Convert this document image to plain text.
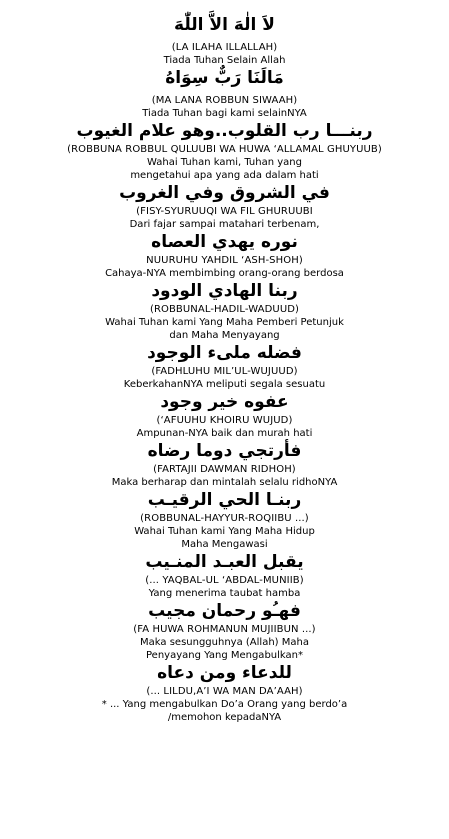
لاَ الٰهَ الاَّ اللّٰهَ
(LA ILAHA ILLALLAH)
Tiada Tuhan Selain Allah
مَالَنَا رَبٌّ سِوَاهُ
(MA LANA ROBBUN SIWAAH)
Tiada Tuhan bagi kami selainNYA
ربنـــا رب القلوب..وهو علام الغيوب
(ROBBUNA ROBBUL QULUUBI WA HUWA ‘ALLAMAL GHUYUUB)
Wahai Tuhan kami, Tuhan yang
mengetahui apa yang ada dalam hati
في الشروق وفي الغروب
(FISY-SYURUUQI WA FIL GHURUUBI
Dari fajar sampai matahari terbenam,
نوره يهدي العصاه
NUURUHU YAHDIL ‘ASH-SHOH)
Cahaya-NYA membimbing orang-orang berdosa
ربنا الهادي الودود
(ROBBUNAL-HADIL-WADUUD)
Wahai Tuhan kami Yang Maha Pemberi Petunjuk
dan Maha Menyayang
فضله ملىء الوجود
(FADHLUHU MIL’UL-WUJUUD)
KeberkahanNYA meliputi segala sesuatu
عفوه خير وجود
(‘AFUUHU KHOIRU WUJUD)
Ampunan-NYA baik dan murah hati
فأرتجي دوما رضاه
(FARTAJII DAWMAN RIDHOH)
Maka berharap dan mintalah selalu ridhoNYA
ربنـا الحي الرقيـب
(ROBBUNAL-HAYYUR-ROQIIBU ...)
Wahai Tuhan kami Yang Maha Hidup
Maha Mengawasi
يقبل العبـد المنـيب
(... YAQBAL-UL ‘ABDAL-MUNIIB)
Yang menerima taubat hamba
فهـُو رحمان مجيب
(FA HUWA ROHMANUN MUJIIBUN ...)
Maka sesungguhnya (Allah) Maha
Penyayang Yang Mengabulkan*
للدعاء ومن دعاه
(... LILDU,A’I WA MAN DA’AAH)
* ... Yang mengabulkan Do’a Orang yang berdo’a
/memohon kepadaNYA
